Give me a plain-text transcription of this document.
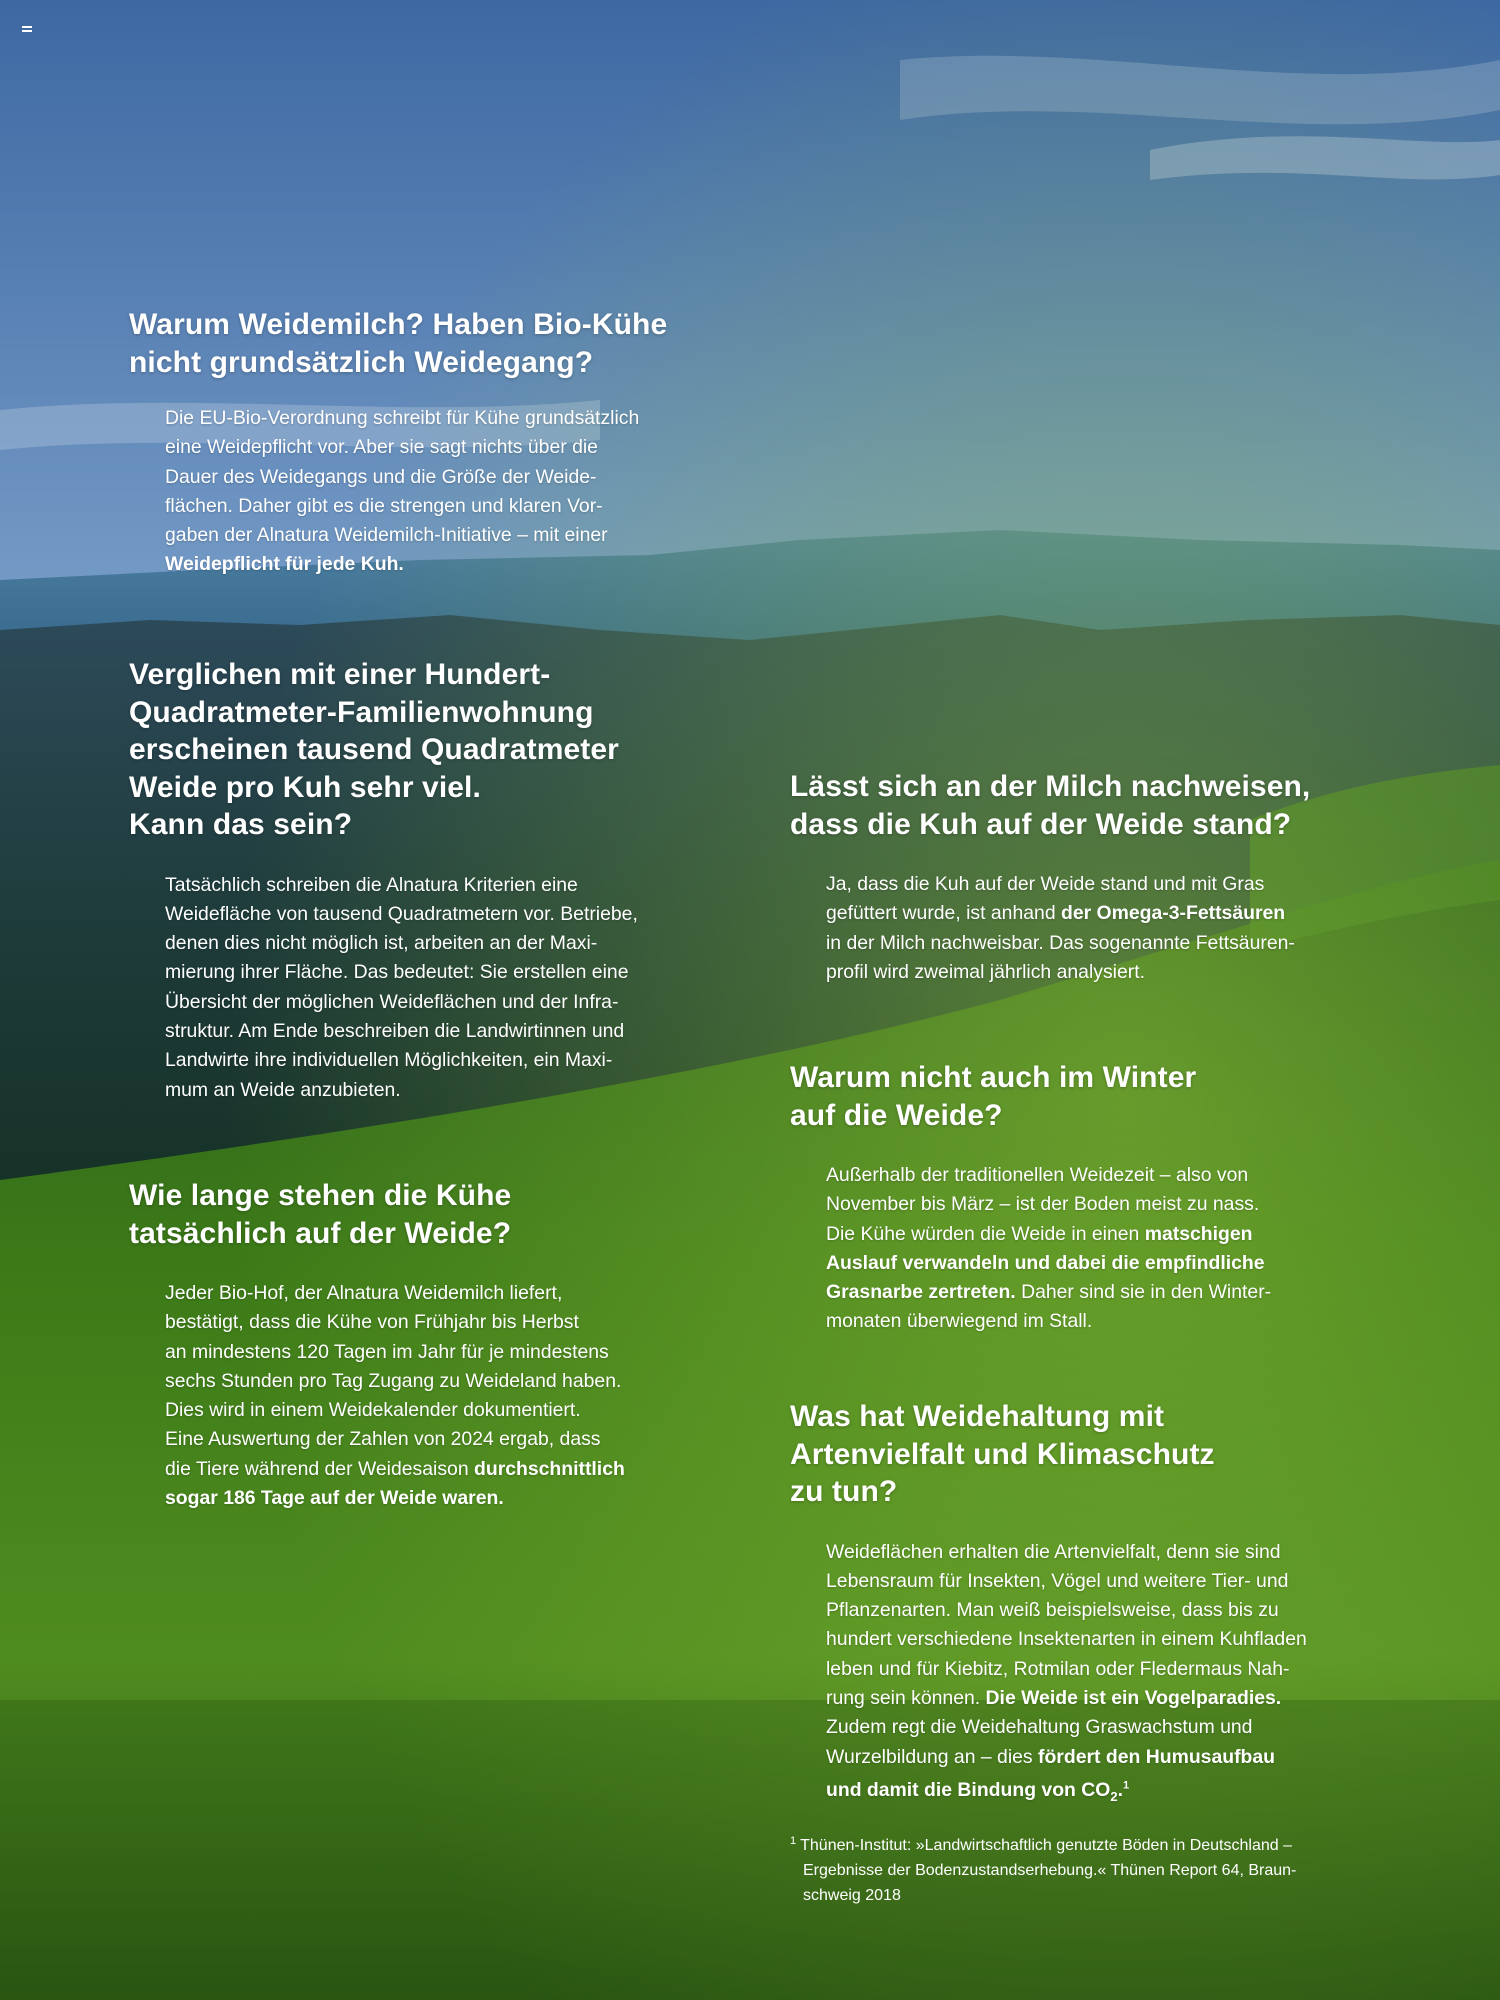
Warum Weidemilch? Haben Bio-Kühe
nicht grundsätzlich Weidegang?
Die EU-Bio-Verordnung schreibt für Kühe grundsätzlich
eine Weidepflicht vor. Aber sie sagt nichts über die
Dauer des Weidegangs und die Größe der Weide-
flächen. Daher gibt es die strengen und klaren Vor-
gaben der Alnatura Weidemilch-Initiative – mit einer
Weidepflicht für jede Kuh.
Verglichen mit einer Hundert-
Quadratmeter-Familienwohnung
erscheinen tausend Quadratmeter
Weide pro Kuh sehr viel.
Kann das sein?
Tatsächlich schreiben die Alnatura Kriterien eine
Weidefläche von tausend Quadratmetern vor. Betriebe,
denen dies nicht möglich ist, arbeiten an der Maxi-
mierung ihrer Fläche. Das bedeutet: Sie erstellen eine
Übersicht der möglichen Weideflächen und der Infra-
struktur. Am Ende beschreiben die Landwirtinnen und
Landwirte ihre individuellen Möglichkeiten, ein Maxi-
mum an Weide anzubieten.
Wie lange stehen die Kühe
tatsächlich auf der Weide?
Jeder Bio-Hof, der Alnatura Weidemilch liefert,
bestätigt, dass die Kühe von Frühjahr bis Herbst
an mindestens 120 Tagen im Jahr für je mindestens
sechs Stunden pro Tag Zugang zu Weideland haben.
Dies wird in einem Weidekalender dokumentiert.
Eine Auswertung der Zahlen von 2024 ergab, dass
die Tiere während der Weidesaison durchschnittlich
sogar 186 Tage auf der Weide waren.
Lässt sich an der Milch nachweisen,
dass die Kuh auf der Weide stand?
Ja, dass die Kuh auf der Weide stand und mit Gras
gefüttert wurde, ist anhand der Omega-3-Fettsäuren
in der Milch nachweisbar. Das sogenannte Fettsäuren-
profil wird zweimal jährlich analysiert.
Warum nicht auch im Winter
auf die Weide?
Außerhalb der traditionellen Weidezeit – also von
November bis März – ist der Boden meist zu nass.
Die Kühe würden die Weide in einen matschigen
Auslauf verwandeln und dabei die empfindliche
Grasnarbe zertreten. Daher sind sie in den Winter-
monaten überwiegend im Stall.
Was hat Weidehaltung mit
Artenvielfalt und Klimaschutz
zu tun?
Weideflächen erhalten die Artenvielfalt, denn sie sind
Lebensraum für Insekten, Vögel und weitere Tier- und
Pflanzenarten. Man weiß beispielsweise, dass bis zu
hundert verschiedene Insektenarten in einem Kuhfladen
leben und für Kiebitz, Rotmilan oder Fledermaus Nah-
rung sein können. Die Weide ist ein Vogelparadies.
Zudem regt die Weidehaltung Graswachstum und
Wurzelbildung an – dies fördert den Humusaufbau
und damit die Bindung von $CO_2.^1$
$^1$ Thünen-Institut: »Landwirtschaftlich genutzte Böden in Deutschland –
Ergebnisse der Bodenzustandserhebung.« Thünen Report 64, Braun-
schweig 2018
